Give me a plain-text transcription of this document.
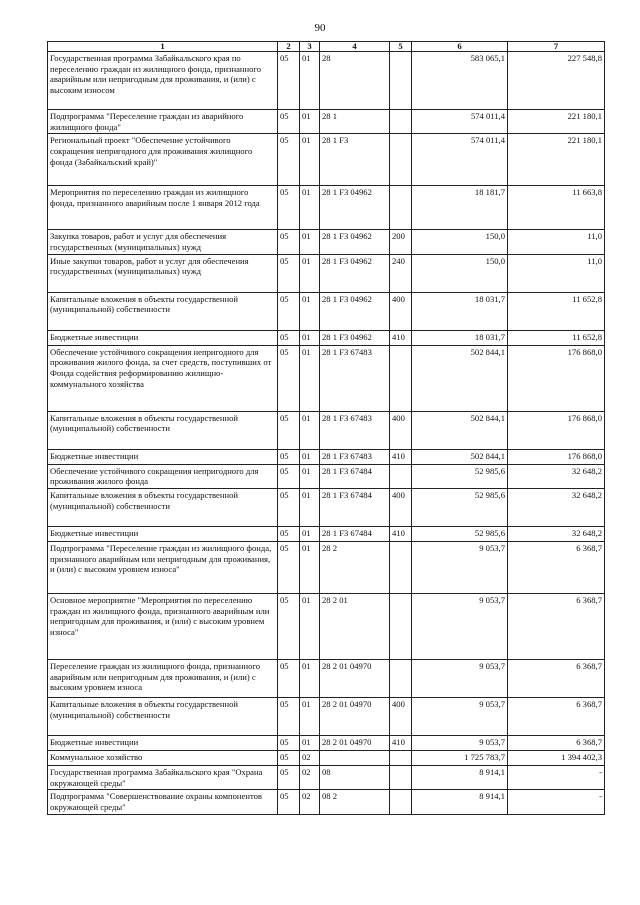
90
1	2	3	4	5	6	7
Государственная программа Забайкальского края по переселению граждан из жилищного фонда, признанного аварийным или непригодным для проживания, и (или) с высоким износом	05	01	28		583 065,1	227 548,8
Подпрограмма "Переселение граждан из аварийного жилищного фонда"	05	01	28 1		574 011,4	221 180,1
Региональный проект "Обеспечение устойчивого сокращения непригодного для проживания жилищного фонда (Забайкальский край)"	05	01	28 1 F3		574 011,4	221 180,1
Мероприятия по переселению граждан из жилищного фонда, признанного аварийным после 1 января 2012 года	05	01	28 1 F3 04962		18 181,7	11 663,8
Закупка товаров, работ и услуг для обеспечения государственных (муниципальных) нужд	05	01	28 1 F3 04962	200	150,0	11,0
Иные закупки товаров, работ и услуг для обеспечения государственных (муниципальных) нужд	05	01	28 1 F3 04962	240	150,0	11,0
Капитальные вложения в объекты государственной (муниципальной) собственности	05	01	28 1 F3 04962	400	18 031,7	11 652,8
Бюджетные инвестиции	05	01	28 1 F3 04962	410	18 031,7	11 652,8
Обеспечение устойчивого сокращения непригодного для проживания жилого фонда, за счет средств, поступивших от Фонда содействия реформированию жилищно-коммунального хозяйства	05	01	28 1 F3 67483		502 844,1	176 868,0
Капитальные вложения в объекты государственной (муниципальной) собственности	05	01	28 1 F3 67483	400	502 844,1	176 868,0
Бюджетные инвестиции	05	01	28 1 F3 67483	410	502 844,1	176 868,0
Обеспечение устойчивого сокращения непригодного для проживания жилого фонда	05	01	28 1 F3 67484		52 985,6	32 648,2
Капитальные вложения в объекты государственной (муниципальной) собственности	05	01	28 1 F3 67484	400	52 985,6	32 648,2
Бюджетные инвестиции	05	01	28 1 F3 67484	410	52 985,6	32 648,2
Подпрограмма "Переселение граждан из жилищного фонда, признанного аварийным или непригодным для проживания, и (или) с высоким уровнем износа"	05	01	28 2		9 053,7	6 368,7
Основное мероприятие "Мероприятия по переселению граждан из жилищного фонда, признанного аварийным или непригодным для проживания, и (или) с высоким уровнем износа"	05	01	28 2 01		9 053,7	6 368,7
Переселение граждан из жилищного фонда, признанного аварийным или непригодным для проживания, и (или) с высоким уровнем износа	05	01	28 2 01 04970		9 053,7	6 368,7
Капитальные вложения в объекты государственной (муниципальной) собственности	05	01	28 2 01 04970	400	9 053,7	6 368,7
Бюджетные инвестиции	05	01	28 2 01 04970	410	9 053,7	6 368,7
Коммунальное хозяйство	05	02			1 725 783,7	1 394 402,3
Государственная программа Забайкальского края "Охрана окружающей среды"	05	02	08		8 914,1	-
Подпрограмма "Совершенствование охраны компонентов окружающей среды"	05	02	08 2		8 914,1	-
